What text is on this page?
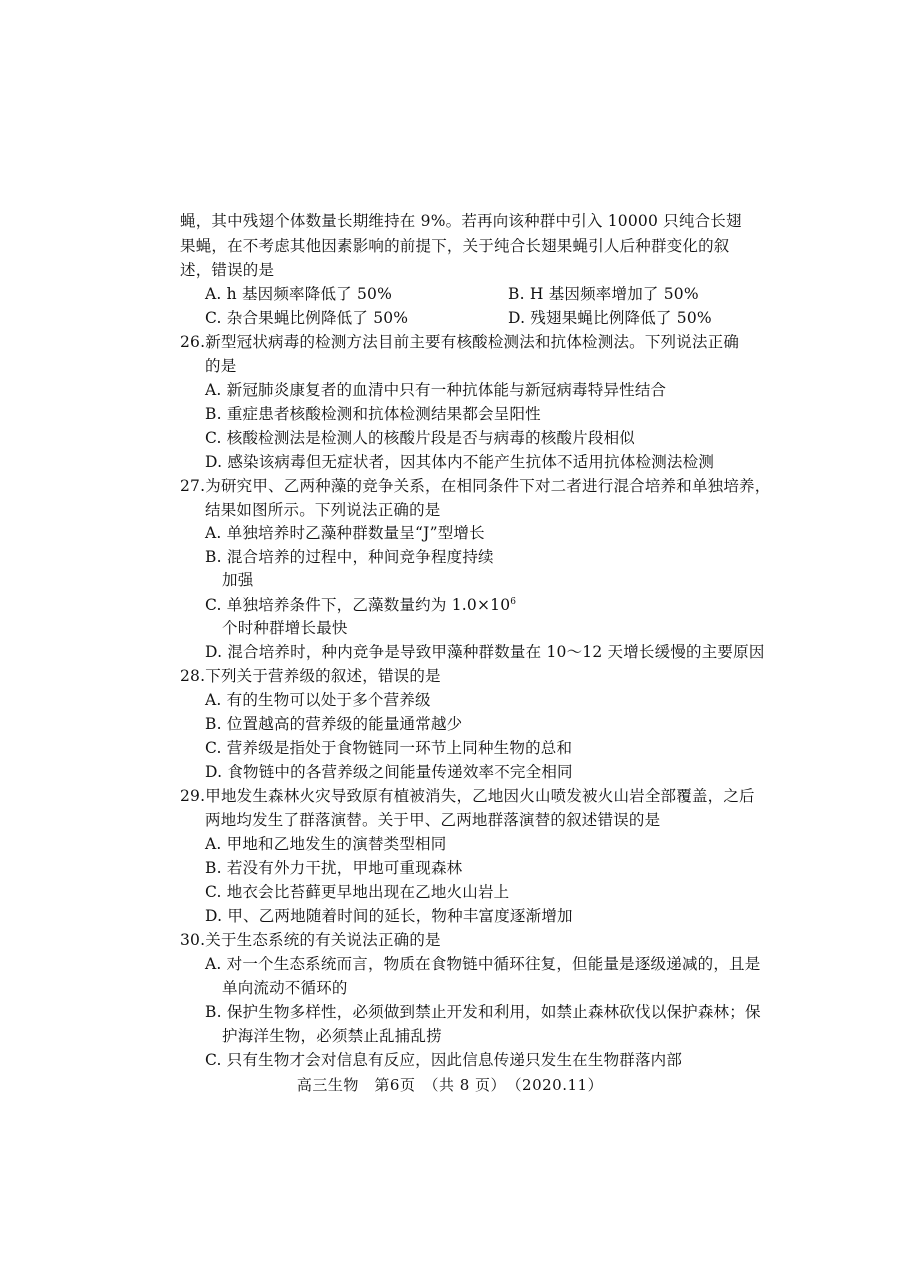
蝇，其中残翅个体数量长期维持在 9%。若再向该种群中引入 10000 只纯合长翅
果蝇，在不考虑其他因素影响的前提下，关于纯合长翅果蝇引人后种群变化的叙
述，错误的是
A. h 基因频率降低了 50%	B. H 基因频率增加了 50%
C. 杂合果蝇比例降低了 50%	D. 残翅果蝇比例降低了 50%
26.新型冠状病毒的检测方法目前主要有核酸检测法和抗体检测法。下列说法正确
的是
A. 新冠肺炎康复者的血清中只有一种抗体能与新冠病毒特异性结合
B. 重症患者核酸检测和抗体检测结果都会呈阳性
C. 核酸检测法是检测人的核酸片段是否与病毒的核酸片段相似
D. 感染该病毒但无症状者，因其体内不能产生抗体不适用抗体检测法检测
27.为研究甲、乙两种藻的竞争关系，在相同条件下对二者进行混合培养和单独培养，
结果如图所示。下列说法正确的是
A. 单独培养时乙藻种群数量呈“J”型增长
B. 混合培养的过程中，种间竞争程度持续
加强
C. 单独培养条件下，乙藻数量约为 $1.0\times 10^6$
个时种群增长最快
D. 混合培养时，种内竞争是导致甲藻种群数量在 10～12 天增长缓慢的主要原因
28.下列关于营养级的叙述，错误的是
A. 有的生物可以处于多个营养级
B. 位置越高的营养级的能量通常越少
C. 营养级是指处于食物链同一环节上同种生物的总和
D. 食物链中的各营养级之间能量传递效率不完全相同
29.甲地发生森林火灾导致原有植被消失，乙地因火山喷发被火山岩全部覆盖，之后
两地均发生了群落演替。关于甲、乙两地群落演替的叙述错误的是
A. 甲地和乙地发生的演替类型相同
B. 若没有外力干扰，甲地可重现森林
C. 地衣会比苔藓更早地出现在乙地火山岩上
D. 甲、乙两地随着时间的延长，物种丰富度逐渐增加
30.关于生态系统的有关说法正确的是
A. 对一个生态系统而言，物质在食物链中循环往复，但能量是逐级递减的，且是
单向流动不循环的
B. 保护生物多样性，必须做到禁止开发和利用，如禁止森林砍伐以保护森林；保
护海洋生物，必须禁止乱捕乱捞
C. 只有生物才会对信息有反应，因此信息传递只发生在生物群落内部
高三生物　第6页　（共 8 页）　（2020.11）
